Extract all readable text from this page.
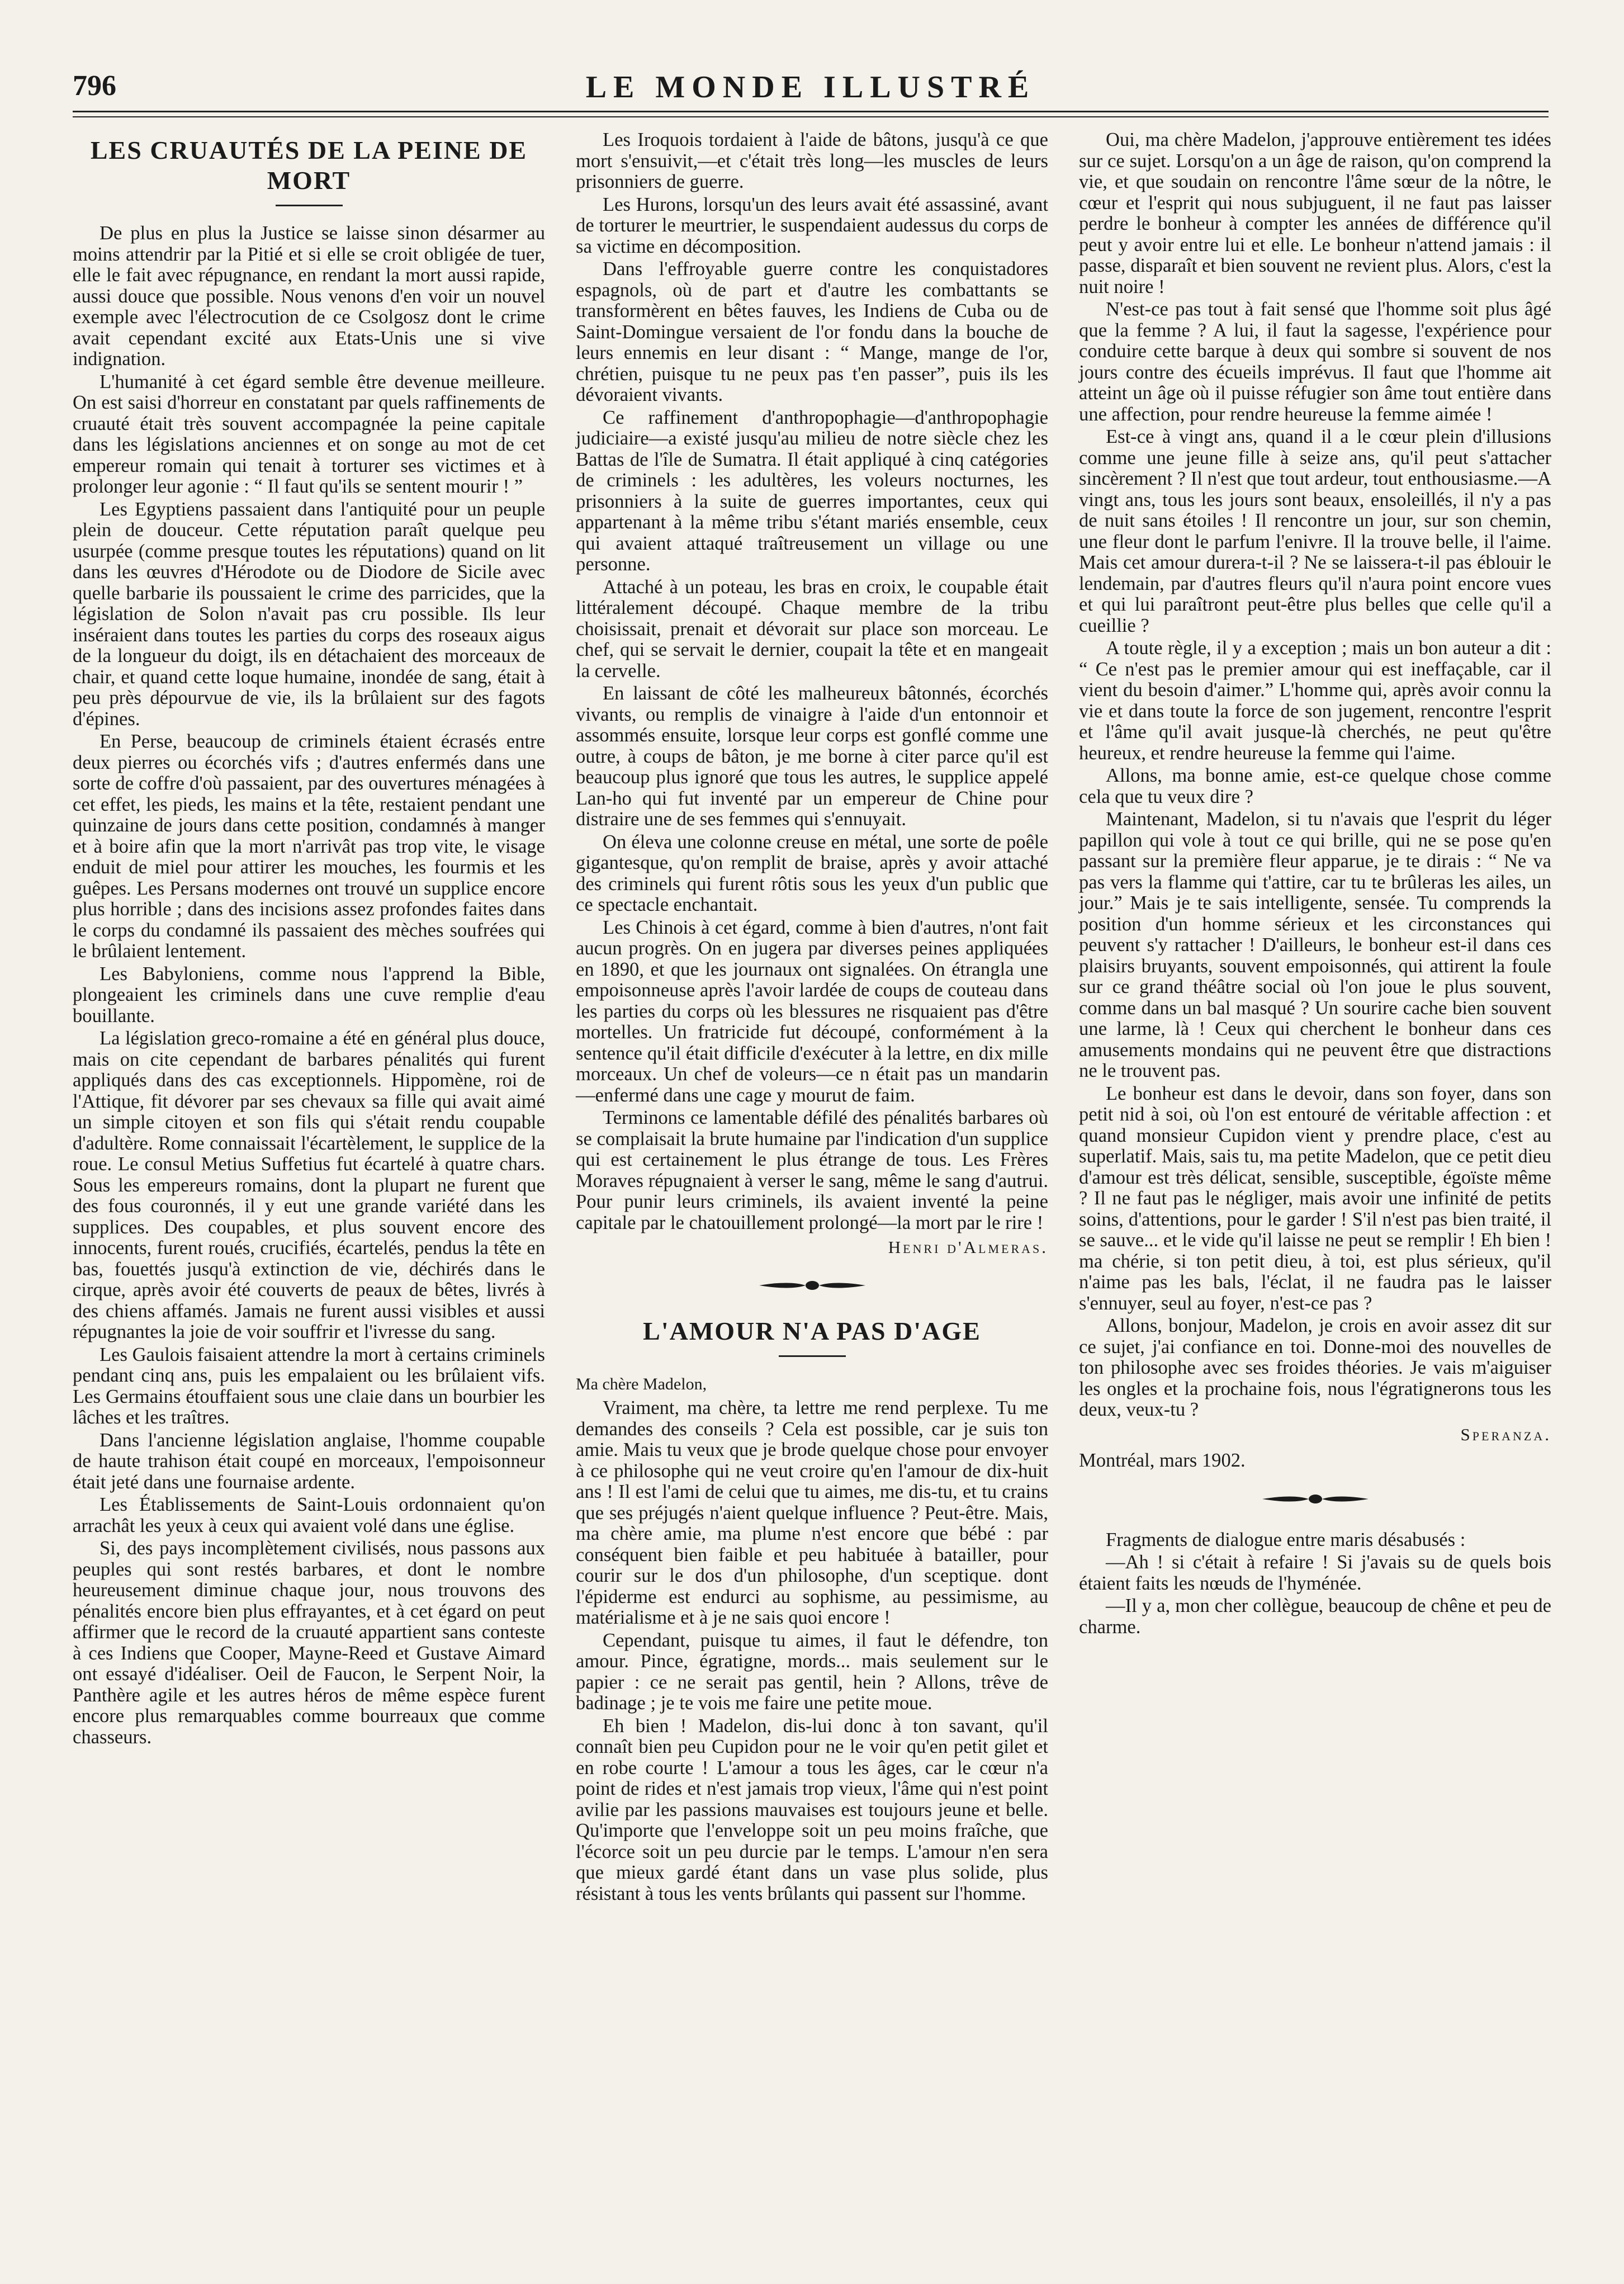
796	LE MONDE ILLUSTRÉ
LES CRUAUTÉS DE LA PEINE DE MORT

De plus en plus la Justice se laisse sinon désarmer au moins attendrir par la Pitié et si elle se croit obligée de tuer, elle le fait avec répugnance, en rendant la mort aussi rapide, aussi douce que possible. Nous venons d'en voir un nouvel exemple avec l'électrocution de ce Csolgosz dont le crime avait cependant excité aux Etats-Unis une si vive indignation.

L'humanité à cet égard semble être devenue meilleure. On est saisi d'horreur en constatant par quels raffinements de cruauté était très souvent accompagnée la peine capitale dans les législations anciennes et on songe au mot de cet empereur romain qui tenait à torturer ses victimes et à prolonger leur agonie : “ Il faut qu'ils se sentent mourir ! ”

Les Egyptiens passaient dans l'antiquité pour un peuple plein de douceur. Cette réputation paraît quelque peu usurpée (comme presque toutes les réputations) quand on lit dans les œuvres d'Hérodote ou de Diodore de Sicile avec quelle barbarie ils poussaient le crime des parricides, que la législation de Solon n'avait pas cru possible. Ils leur inséraient dans toutes les parties du corps des roseaux aigus de la longueur du doigt, ils en détachaient des morceaux de chair, et quand cette loque humaine, inondée de sang, était à peu près dépourvue de vie, ils la brûlaient sur des fagots d'épines.

En Perse, beaucoup de criminels étaient écrasés entre deux pierres ou écorchés vifs ; d'autres enfermés dans une sorte de coffre d'où passaient, par des ouvertures ménagées à cet effet, les pieds, les mains et la tête, restaient pendant une quinzaine de jours dans cette position, condamnés à manger et à boire afin que la mort n'arrivât pas trop vite, le visage enduit de miel pour attirer les mouches, les fourmis et les guêpes. Les Persans modernes ont trouvé un supplice encore plus horrible ; dans des incisions assez profondes faites dans le corps du condamné ils passaient des mèches soufrées qui le brûlaient lentement.

Les Babyloniens, comme nous l'apprend la Bible, plongeaient les criminels dans une cuve remplie d'eau bouillante.

La législation greco-romaine a été en général plus douce, mais on cite cependant de barbares pénalités qui furent appliqués dans des cas exceptionnels. Hippomène, roi de l'Attique, fit dévorer par ses chevaux sa fille qui avait aimé un simple citoyen et son fils qui s'était rendu coupable d'adultère. Rome connaissait l'écartèlement, le supplice de la roue. Le consul Metius Suffetius fut écartelé à quatre chars. Sous les empereurs romains, dont la plupart ne furent que des fous couronnés, il y eut une grande variété dans les supplices. Des coupables, et plus souvent encore des innocents, furent roués, crucifiés, écartelés, pendus la tête en bas, fouettés jusqu'à extinction de vie, déchirés dans le cirque, après avoir été couverts de peaux de bêtes, livrés à des chiens affamés. Jamais ne furent aussi visibles et aussi répugnantes la joie de voir souffrir et l'ivresse du sang.

Les Gaulois faisaient attendre la mort à certains criminels pendant cinq ans, puis les empalaient ou les brûlaient vifs. Les Germains étouffaient sous une claie dans un bourbier les lâches et les traîtres.

Dans l'ancienne législation anglaise, l'homme coupable de haute trahison était coupé en morceaux, l'empoisonneur était jeté dans une fournaise ardente.

Les Établissements de Saint-Louis ordonnaient qu'on arrachât les yeux à ceux qui avaient volé dans une église.

Si, des pays incomplètement civilisés, nous passons aux peuples qui sont restés barbares, et dont le nombre heureusement diminue chaque jour, nous trouvons des pénalités encore bien plus effrayantes, et à cet égard on peut affirmer que le record de la cruauté appartient sans conteste à ces Indiens que Cooper, Mayne-Reed et Gustave Aimard ont essayé d'idéaliser. Oeil de Faucon, le Serpent Noir, la Panthère agile et les autres héros de même espèce furent encore plus remarquables comme bourreaux que comme chasseurs.

Les Iroquois tordaient à l'aide de bâtons, jusqu'à ce que mort s'ensuivit,—et c'était très long—les muscles de leurs prisonniers de guerre.

Les Hurons, lorsqu'un des leurs avait été assassiné, avant de torturer le meurtrier, le suspendaient audessus du corps de sa victime en décomposition.

Dans l'effroyable guerre contre les conquistadores espagnols, où de part et d'autre les combattants se transformèrent en bêtes fauves, les Indiens de Cuba ou de Saint-Domingue versaient de l'or fondu dans la bouche de leurs ennemis en leur disant : “ Mange, mange de l'or, chrétien, puisque tu ne peux pas t'en passer”, puis ils les dévoraient vivants.

Ce raffinement d'anthropophagie—d'anthropophagie judiciaire—a existé jusqu'au milieu de notre siècle chez les Battas de l'île de Sumatra. Il était appliqué à cinq catégories de criminels : les adultères, les voleurs nocturnes, les prisonniers à la suite de guerres importantes, ceux qui appartenant à la même tribu s'étant mariés ensemble, ceux qui avaient attaqué traîtreusement un village ou une personne.

Attaché à un poteau, les bras en croix, le coupable était littéralement découpé. Chaque membre de la tribu choisissait, prenait et dévorait sur place son morceau. Le chef, qui se servait le dernier, coupait la tête et en mangeait la cervelle.

En laissant de côté les malheureux bâtonnés, écorchés vivants, ou remplis de vinaigre à l'aide d'un entonnoir et assommés ensuite, lorsque leur corps est gonflé comme une outre, à coups de bâton, je me borne à citer parce qu'il est beaucoup plus ignoré que tous les autres, le supplice appelé Lan-ho qui fut inventé par un empereur de Chine pour distraire une de ses femmes qui s'ennuyait.

On éleva une colonne creuse en métal, une sorte de poêle gigantesque, qu'on remplit de braise, après y avoir attaché des criminels qui furent rôtis sous les yeux d'un public que ce spectacle enchantait.

Les Chinois à cet égard, comme à bien d'autres, n'ont fait aucun progrès. On en jugera par diverses peines appliquées en 1890, et que les journaux ont signalées. On étrangla une empoisonneuse après l'avoir lardée de coups de couteau dans les parties du corps où les blessures ne risquaient pas d'être mortelles. Un fratricide fut découpé, conformément à la sentence qu'il était difficile d'exécuter à la lettre, en dix mille morceaux. Un chef de voleurs—ce n était pas un mandarin—enfermé dans une cage y mourut de faim.

Terminons ce lamentable défilé des pénalités barbares où se complaisait la brute humaine par l'indication d'un supplice qui est certainement le plus étrange de tous. Les Frères Moraves répugnaient à verser le sang, même le sang d'autrui. Pour punir leurs criminels, ils avaient inventé la peine capitale par le chatouillement prolongé—la mort par le rire !

Henri d'Almeras.
L'AMOUR N'A PAS D'AGE
Ma chère Madelon,

Vraiment, ma chère, ta lettre me rend perplexe. Tu me demandes des conseils ? Cela est possible, car je suis ton amie. Mais tu veux que je brode quelque chose pour envoyer à ce philosophe qui ne veut croire qu'en l'amour de dix-huit ans ! Il est l'ami de celui que tu aimes, me dis-tu, et tu crains que ses préjugés n'aient quelque influence ? Peut-être. Mais, ma chère amie, ma plume n'est encore que bébé : par conséquent bien faible et peu habituée à batailler, pour courir sur le dos d'un philosophe, d'un sceptique. dont l'épiderme est endurci au sophisme, au pessimisme, au matérialisme et à je ne sais quoi encore !

Cependant, puisque tu aimes, il faut le défendre, ton amour. Pince, égratigne, mords... mais seulement sur le papier : ce ne serait pas gentil, hein ? Allons, trêve de badinage ; je te vois me faire une petite moue.

Eh bien ! Madelon, dis-lui donc à ton savant, qu'il connaît bien peu Cupidon pour ne le voir qu'en petit gilet et en robe courte ! L'amour a tous les âges, car le cœur n'a point de rides et n'est jamais trop vieux, l'âme qui n'est point avilie par les passions mauvaises est toujours jeune et belle. Qu'importe que l'enveloppe soit un peu moins fraîche, que l'écorce soit un peu durcie par le temps. L'amour n'en sera que mieux gardé étant dans un vase plus solide, plus résistant à tous les vents brûlants qui passent sur l'homme.

Oui, ma chère Madelon, j'approuve entièrement tes idées sur ce sujet. Lorsqu'on a un âge de raison, qu'on comprend la vie, et que soudain on rencontre l'âme sœur de la nôtre, le cœur et l'esprit qui nous subjuguent, il ne faut pas laisser perdre le bonheur à compter les années de différence qu'il peut y avoir entre lui et elle. Le bonheur n'attend jamais : il passe, disparaît et bien souvent ne revient plus. Alors, c'est la nuit noire !

N'est-ce pas tout à fait sensé que l'homme soit plus âgé que la femme ? A lui, il faut la sagesse, l'expérience pour conduire cette barque à deux qui sombre si souvent de nos jours contre des écueils imprévus. Il faut que l'homme ait atteint un âge où il puisse réfugier son âme tout entière dans une affection, pour rendre heureuse la femme aimée !

Est-ce à vingt ans, quand il a le cœur plein d'illusions comme une jeune fille à seize ans, qu'il peut s'attacher sincèrement ? Il n'est que tout ardeur, tout enthousiasme.—A vingt ans, tous les jours sont beaux, ensoleillés, il n'y a pas de nuit sans étoiles ! Il rencontre un jour, sur son chemin, une fleur dont le parfum l'enivre. Il la trouve belle, il l'aime. Mais cet amour durera-t-il ? Ne se laissera-t-il pas éblouir le lendemain, par d'autres fleurs qu'il n'aura point encore vues et qui lui paraîtront peut-être plus belles que celle qu'il a cueillie ?

A toute règle, il y a exception ; mais un bon auteur a dit : “ Ce n'est pas le premier amour qui est ineffaçable, car il vient du besoin d'aimer.” L'homme qui, après avoir connu la vie et dans toute la force de son jugement, rencontre l'esprit et l'âme qu'il avait jusque-là cherchés, ne peut qu'être heureux, et rendre heureuse la femme qui l'aime.

Allons, ma bonne amie, est-ce quelque chose comme cela que tu veux dire ?

Maintenant, Madelon, si tu n'avais que l'esprit du léger papillon qui vole à tout ce qui brille, qui ne se pose qu'en passant sur la première fleur apparue, je te dirais : “ Ne va pas vers la flamme qui t'attire, car tu te brûleras les ailes, un jour.” Mais je te sais intelligente, sensée. Tu comprends la position d'un homme sérieux et les circonstances qui peuvent s'y rattacher ! D'ailleurs, le bonheur est-il dans ces plaisirs bruyants, souvent empoisonnés, qui attirent la foule sur ce grand théâtre social où l'on joue le plus souvent, comme dans un bal masqué ? Un sourire cache bien souvent une larme, là ! Ceux qui cherchent le bonheur dans ces amusements mondains qui ne peuvent être que distractions ne le trouvent pas.

Le bonheur est dans le devoir, dans son foyer, dans son petit nid à soi, où l'on est entouré de véritable affection : et quand monsieur Cupidon vient y prendre place, c'est au superlatif. Mais, sais tu, ma petite Madelon, que ce petit dieu d'amour est très délicat, sensible, susceptible, égoïste même ? Il ne faut pas le négliger, mais avoir une infinité de petits soins, d'attentions, pour le garder ! S'il n'est pas bien traité, il se sauve... et le vide qu'il laisse ne peut se remplir ! Eh bien ! ma chérie, si ton petit dieu, à toi, est plus sérieux, qu'il n'aime pas les bals, l'éclat, il ne faudra pas le laisser s'ennuyer, seul au foyer, n'est-ce pas ?

Allons, bonjour, Madelon, je crois en avoir assez dit sur ce sujet, j'ai confiance en toi. Donne-moi des nouvelles de ton philosophe avec ses froides théories. Je vais m'aiguiser les ongles et la prochaine fois, nous l'égratignerons tous les deux, veux-tu ?

Speranza.

Montréal, mars 1902.

Fragments de dialogue entre maris désabusés :

—Ah ! si c'était à refaire ! Si j'avais su de quels bois étaient faits les nœuds de l'hyménée.

—Il y a, mon cher collègue, beaucoup de chêne et peu de charme.
